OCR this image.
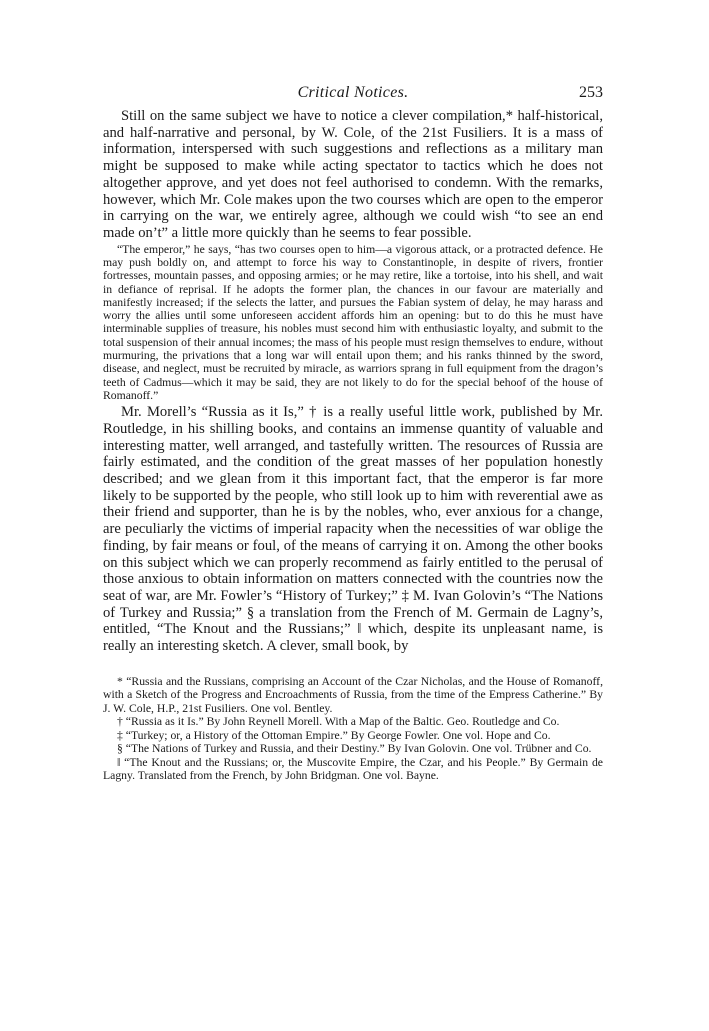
Critical Notices.	253

Still on the same subject we have to notice a clever compilation,* half-historical, and half-narrative and personal, by W. Cole, of the 21st Fusiliers. It is a mass of information, interspersed with such suggestions and reflections as a military man might be supposed to make while acting spectator to tactics which he does not altogether approve, and yet does not feel authorised to condemn. With the remarks, however, which Mr. Cole makes upon the two courses which are open to the emperor in carrying on the war, we entirely agree, although we could wish “to see an end made on’t” a little more quickly than he seems to fear possible.

“The emperor,” he says, “has two courses open to him—a vigorous attack, or a protracted defence. He may push boldly on, and attempt to force his way to Constantinople, in despite of rivers, frontier fortresses, mountain passes, and opposing armies; or he may retire, like a tortoise, into his shell, and wait in defiance of reprisal. If he adopts the former plan, the chances in our favour are materially and manifestly increased; if the selects the latter, and pursues the Fabian system of delay, he may harass and worry the allies until some unforeseen accident affords him an opening: but to do this he must have interminable supplies of treasure, his nobles must second him with enthusiastic loyalty, and submit to the total suspension of their annual incomes; the mass of his people must resign themselves to endure, without murmuring, the privations that a long war will entail upon them; and his ranks thinned by the sword, disease, and neglect, must be recruited by miracle, as warriors sprang in full equipment from the dragon’s teeth of Cadmus—which it may be said, they are not likely to do for the special behoof of the house of Romanoff.”

Mr. Morell’s “Russia as it Is,” † is a really useful little work, published by Mr. Routledge, in his shilling books, and contains an immense quantity of valuable and interesting matter, well arranged, and tastefully written. The resources of Russia are fairly estimated, and the condition of the great masses of her population honestly described; and we glean from it this important fact, that the emperor is far more likely to be supported by the people, who still look up to him with reverential awe as their friend and supporter, than he is by the nobles, who, ever anxious for a change, are peculiarly the victims of imperial rapacity when the necessities of war oblige the finding, by fair means or foul, of the means of carrying it on. Among the other books on this subject which we can properly recommend as fairly entitled to the perusal of those anxious to obtain information on matters connected with the countries now the seat of war, are Mr. Fowler’s “History of Turkey;” ‡ M. Ivan Golovin’s “The Nations of Turkey and Russia;” § a translation from the French of M. Germain de Lagny’s, entitled, “The Knout and the Russians;” ‖ which, despite its unpleasant name, is really an interesting sketch. A clever, small book, by

* “Russia and the Russians, comprising an Account of the Czar Nicholas, and the House of Romanoff, with a Sketch of the Progress and Encroachments of Russia, from the time of the Empress Catherine.” By J. W. Cole, H.P., 21st Fusiliers. One vol. Bentley.

† “Russia as it Is.” By John Reynell Morell. With a Map of the Baltic. Geo. Routledge and Co.

‡ “Turkey; or, a History of the Ottoman Empire.” By George Fowler. One vol. Hope and Co.

§ “The Nations of Turkey and Russia, and their Destiny.” By Ivan Golovin. One vol. Trübner and Co.

‖ “The Knout and the Russians; or, the Muscovite Empire, the Czar, and his People.” By Germain de Lagny. Translated from the French, by John Bridgman. One vol. Bayne.
